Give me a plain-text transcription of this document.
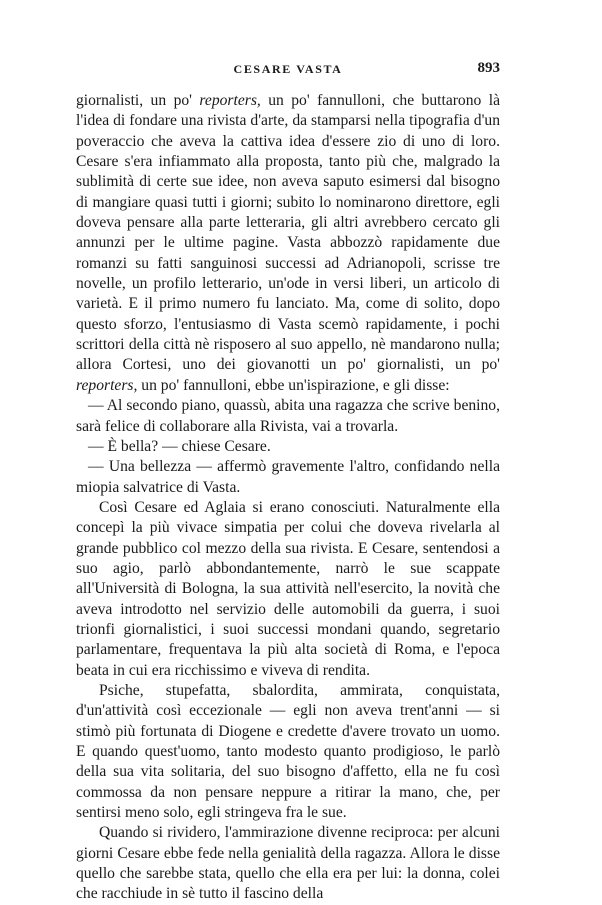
CESARE VASTA	893

giornalisti, un po' reporters, un po' fannulloni, che buttarono là l'idea di fondare una rivista d'arte, da stamparsi nella tipografia d'un poveraccio che aveva la cattiva idea d'essere zio di uno di loro. Cesare s'era infiammato alla proposta, tanto più che, malgrado la sublimità di certe sue idee, non aveva saputo esimersi dal bisogno di mangiare quasi tutti i giorni; subito lo nominarono direttore, egli doveva pensare alla parte letteraria, gli altri avrebbero cercato gli annunzi per le ultime pagine. Vasta abbozzò rapidamente due romanzi su fatti sanguinosi successi ad Adrianopoli, scrisse tre novelle, un profilo letterario, un'ode in versi liberi, un articolo di varietà. E il primo numero fu lanciato. Ma, come di solito, dopo questo sforzo, l'entusiasmo di Vasta scemò rapidamente, i pochi scrittori della città nè risposero al suo appello, nè mandarono nulla; allora Cortesi, uno dei giovanotti un po' giornalisti, un po' reporters, un po' fannulloni, ebbe un'ispirazione, e gli disse:

— Al secondo piano, quassù, abita una ragazza che scrive benino, sarà felice di collaborare alla Rivista, vai a trovarla.

— È bella? — chiese Cesare.

— Una bellezza — affermò gravemente l'altro, confidando nella miopia salvatrice di Vasta.

Così Cesare ed Aglaia si erano conosciuti. Naturalmente ella concepì la più vivace simpatia per colui che doveva rivelarla al grande pubblico col mezzo della sua rivista. E Cesare, sentendosi a suo agio, parlò abbondantemente, narrò le sue scappate all'Università di Bologna, la sua attività nell'esercito, la novità che aveva introdotto nel servizio delle automobili da guerra, i suoi trionfi giornalistici, i suoi successi mondani quando, segretario parlamentare, frequentava la più alta società di Roma, e l'epoca beata in cui era ricchissimo e viveva di rendita.

Psiche, stupefatta, sbalordita, ammirata, conquistata, d'un'attività così eccezionale — egli non aveva trent'anni — si stimò più fortunata di Diogene e credette d'avere trovato un uomo. E quando quest'uomo, tanto modesto quanto prodigioso, le parlò della sua vita solitaria, del suo bisogno d'affetto, ella ne fu così commossa da non pensare neppure a ritirar la mano, che, per sentirsi meno solo, egli stringeva fra le sue.

Quando si rividero, l'ammirazione divenne reciproca: per alcuni giorni Cesare ebbe fede nella genialità della ragazza. Allora le disse quello che sarebbe stata, quello che ella era per lui: la donna, colei che racchiude in sè tutto il fascino della
